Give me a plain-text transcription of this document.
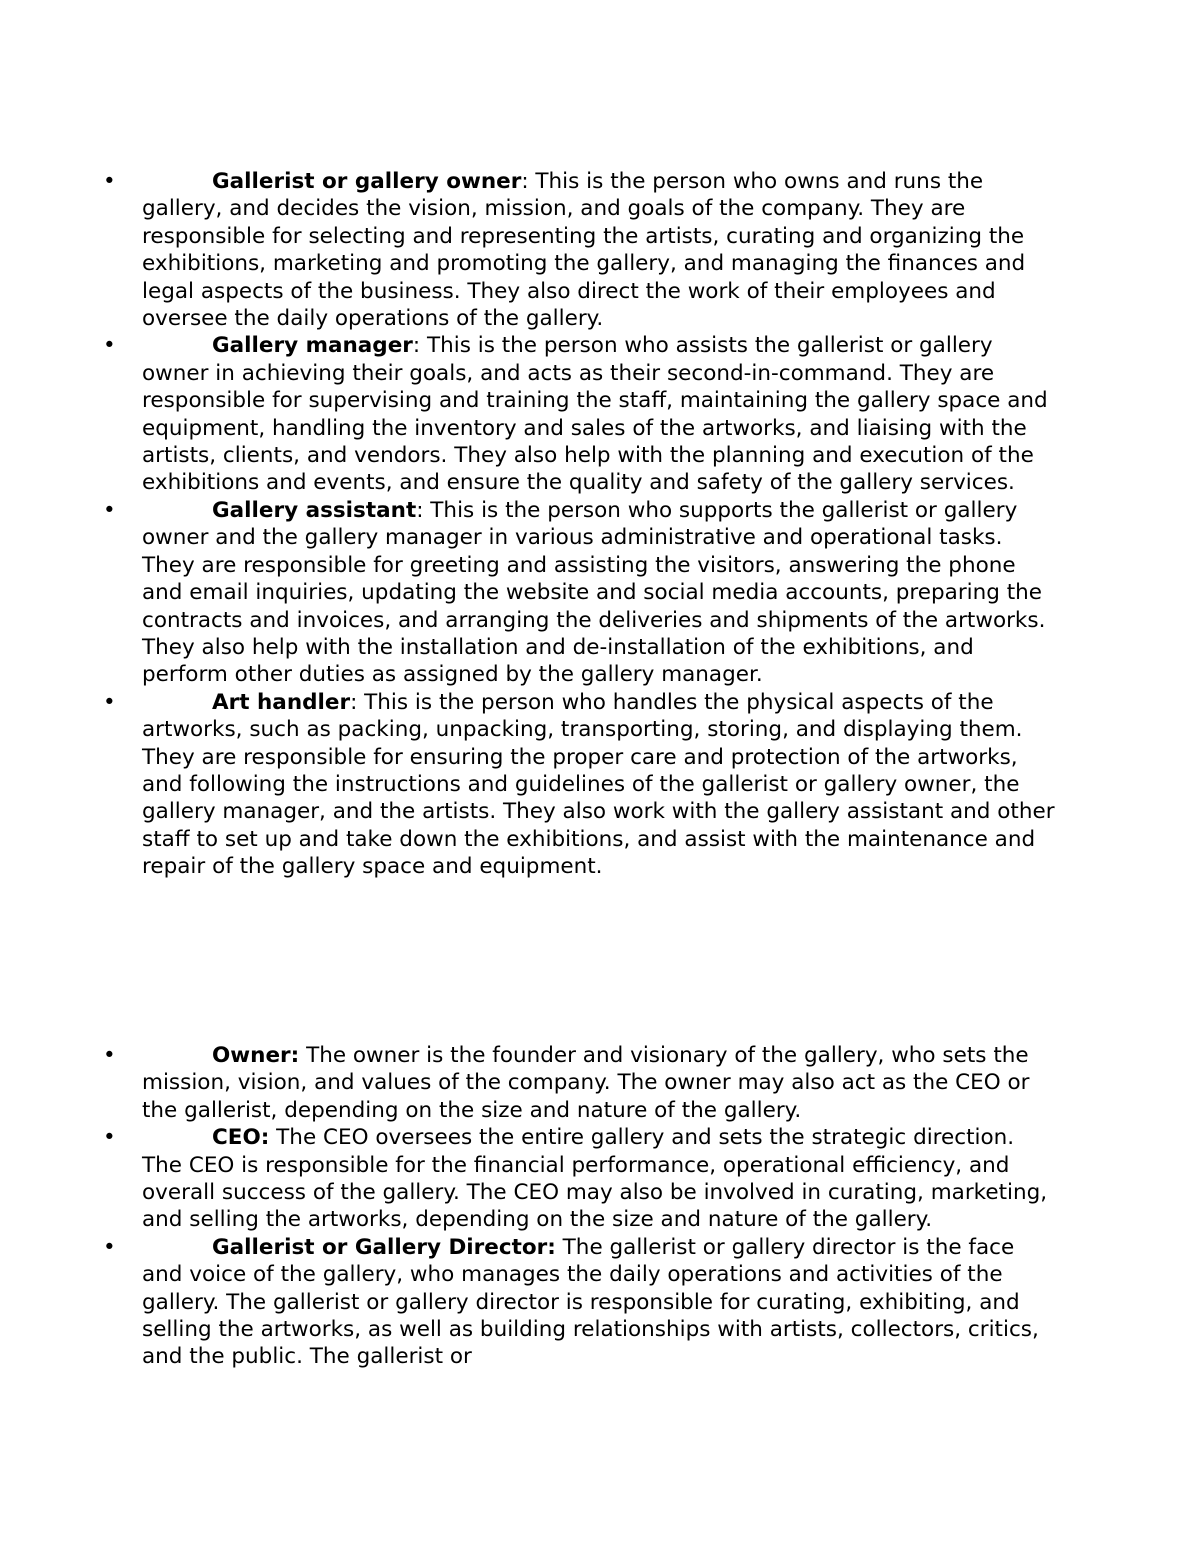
•	Gallerist or gallery owner: This is the person who owns and runs the gallery, and decides the vision, mission, and goals of the company. They are responsible for selecting and representing the artists, curating and organizing the exhibitions, marketing and promoting the gallery, and managing the finances and legal aspects of the business. They also direct the work of their employees and oversee the daily operations of the gallery.
•	Gallery manager: This is the person who assists the gallerist or gallery owner in achieving their goals, and acts as their second-in-command. They are responsible for supervising and training the staff, maintaining the gallery space and equipment, handling the inventory and sales of the artworks, and liaising with the artists, clients, and vendors. They also help with the planning and execution of the exhibitions and events, and ensure the quality and safety of the gallery services.
•	Gallery assistant: This is the person who supports the gallerist or gallery owner and the gallery manager in various administrative and operational tasks. They are responsible for greeting and assisting the visitors, answering the phone and email inquiries, updating the website and social media accounts, preparing the contracts and invoices, and arranging the deliveries and shipments of the artworks. They also help with the installation and de-installation of the exhibitions, and perform other duties as assigned by the gallery manager.
•	Art handler: This is the person who handles the physical aspects of the artworks, such as packing, unpacking, transporting, storing, and displaying them. They are responsible for ensuring the proper care and protection of the artworks, and following the instructions and guidelines of the gallerist or gallery owner, the gallery manager, and the artists. They also work with the gallery assistant and other staff to set up and take down the exhibitions, and assist with the maintenance and repair of the gallery space and equipment.
•	Owner: The owner is the founder and visionary of the gallery, who sets the mission, vision, and values of the company. The owner may also act as the CEO or the gallerist, depending on the size and nature of the gallery.
•	CEO: The CEO oversees the entire gallery and sets the strategic direction. The CEO is responsible for the financial performance, operational efficiency, and overall success of the gallery. The CEO may also be involved in curating, marketing, and selling the artworks, depending on the size and nature of the gallery.
•	Gallerist or Gallery Director: The gallerist or gallery director is the face and voice of the gallery, who manages the daily operations and activities of the gallery. The gallerist or gallery director is responsible for curating, exhibiting, and selling the artworks, as well as building relationships with artists, collectors, critics, and the public. The gallerist or
